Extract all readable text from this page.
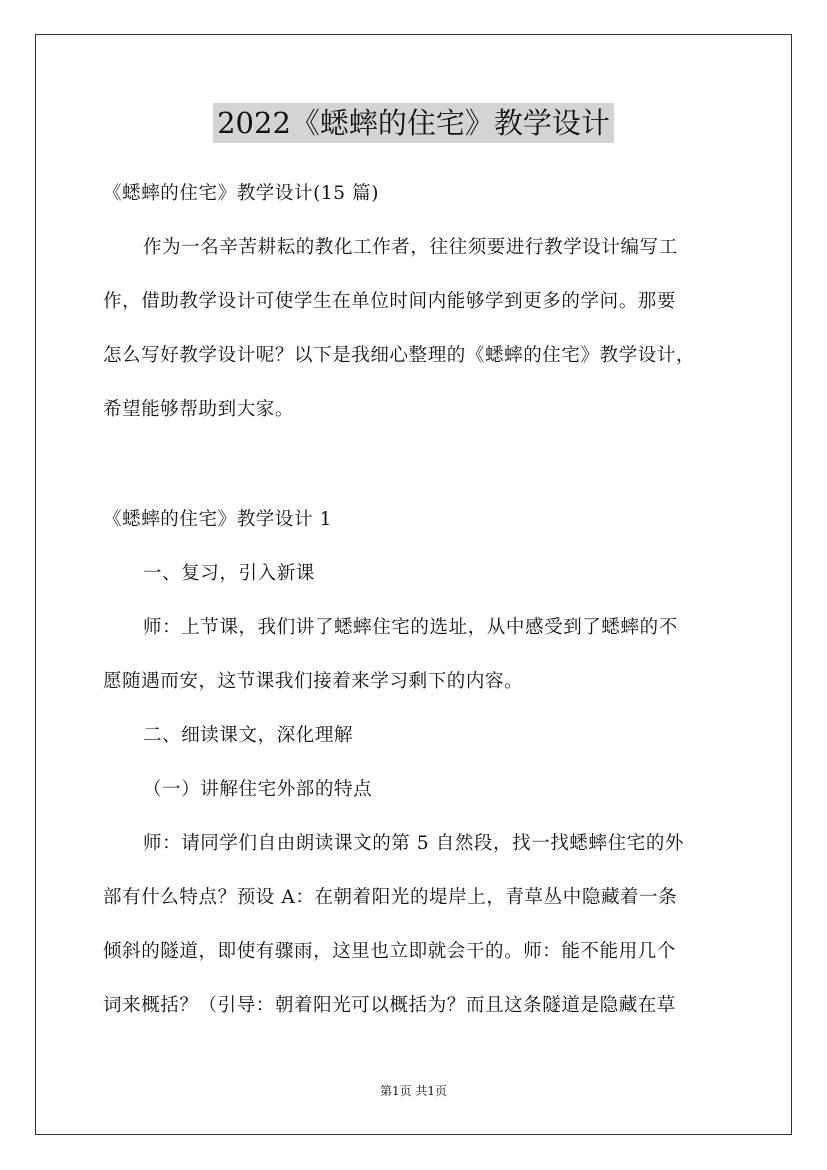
2022《蟋蟀的住宅》教学设计
《蟋蟀的住宅》教学设计(15 篇)
作为一名辛苦耕耘的教化工作者，往往须要进行教学设计编写工
作，借助教学设计可使学生在单位时间内能够学到更多的学问。那要
怎么写好教学设计呢？以下是我细心整理的《蟋蟀的住宅》教学设计，
希望能够帮助到大家。
《蟋蟀的住宅》教学设计 1
一、复习，引入新课
师：上节课，我们讲了蟋蟀住宅的选址，从中感受到了蟋蟀的不
愿随遇而安，这节课我们接着来学习剩下的内容。
二、细读课文，深化理解
（一）讲解住宅外部的特点
师：请同学们自由朗读课文的第 5 自然段，找一找蟋蟀住宅的外
部有什么特点？预设 A：在朝着阳光的堤岸上，青草丛中隐藏着一条
倾斜的隧道，即使有骤雨，这里也立即就会干的。师：能不能用几个
词来概括？（引导：朝着阳光可以概括为？而且这条隧道是隐藏在草
第1页 共1页
